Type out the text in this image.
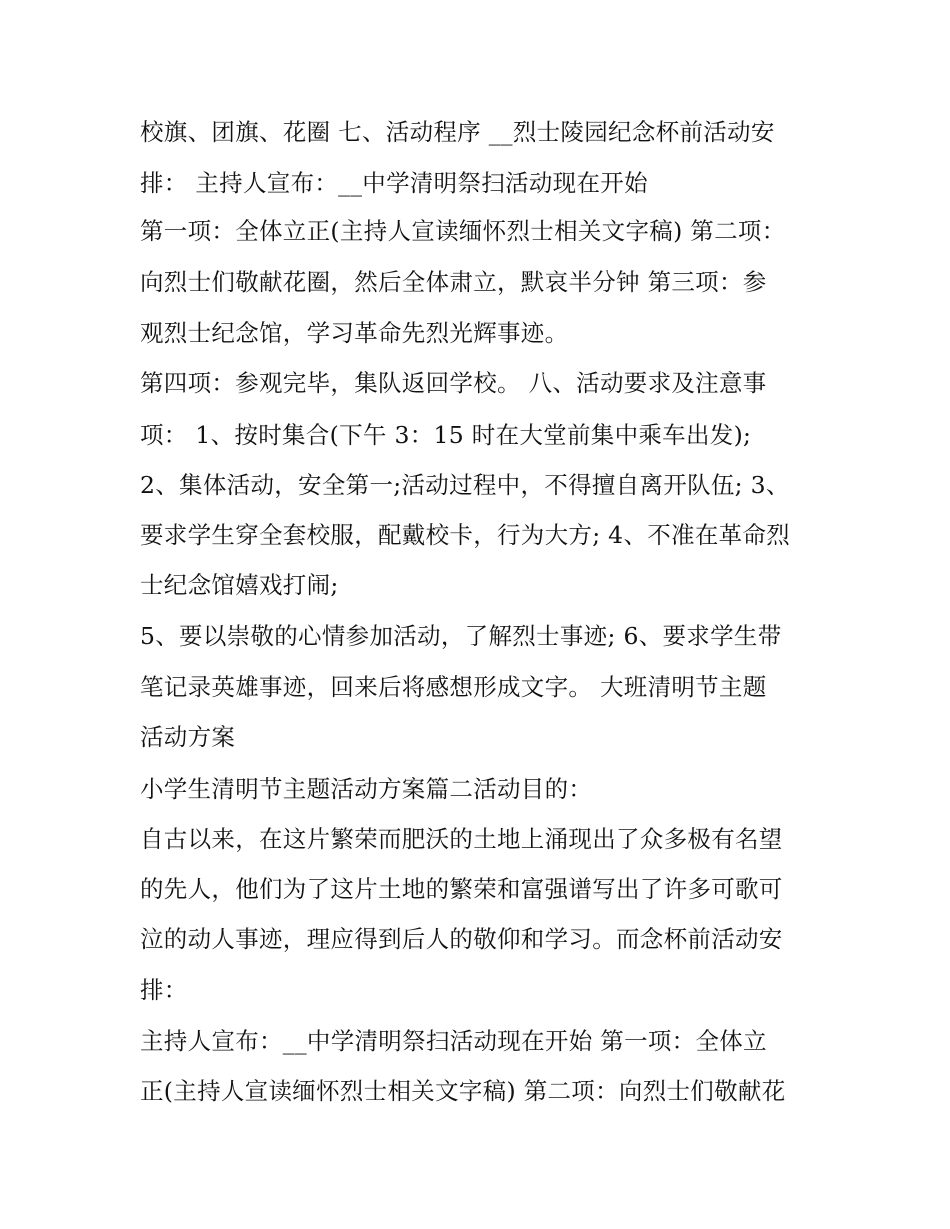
校旗、团旗、花圈 七、活动程序 __烈士陵园纪念杯前活动安
排： 主持人宣布：__中学清明祭扫活动现在开始
第一项：全体立正(主持人宣读缅怀烈士相关文字稿) 第二项：
向烈士们敬献花圈，然后全体肃立，默哀半分钟 第三项：参
观烈士纪念馆，学习革命先烈光辉事迹。
第四项：参观完毕，集队返回学校。 八、活动要求及注意事
项： 1、按时集合(下午 3：15 时在大堂前集中乘车出发);
2、集体活动，安全第一;活动过程中，不得擅自离开队伍; 3、
要求学生穿全套校服，配戴校卡，行为大方; 4、不准在革命烈
士纪念馆嬉戏打闹;
5、要以崇敬的心情参加活动，了解烈士事迹; 6、要求学生带
笔记录英雄事迹，回来后将感想形成文字。 大班清明节主题
活动方案
小学生清明节主题活动方案篇二活动目的：
自古以来，在这片繁荣而肥沃的土地上涌现出了众多极有名望
的先人，他们为了这片土地的繁荣和富强谱写出了许多可歌可
泣的动人事迹，理应得到后人的敬仰和学习。而念杯前活动安
排：
主持人宣布：__中学清明祭扫活动现在开始 第一项：全体立
正(主持人宣读缅怀烈士相关文字稿) 第二项：向烈士们敬献花
